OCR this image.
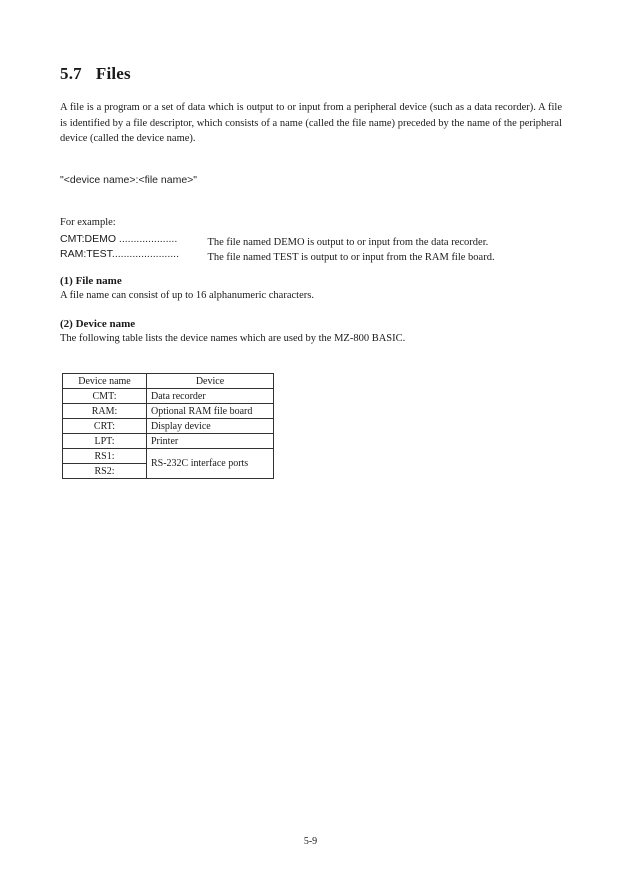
5.7 Files
A file is a program or a set of data which is output to or input from a peripheral device (such as a data recorder). A file is identified by a file descriptor, which consists of a name (called the file name) preceded by the name of the peripheral device (called the device name).
"<device name>:<file name>"
For example:
CMT:DEMO ....................	The file named DEMO is output to or input from the data recorder.
RAM:TEST.......................	The file named TEST is output to or input from the RAM file board.
(1) File name
A file name can consist of up to 16 alphanumeric characters.
(2) Device name
The following table lists the device names which are used by the MZ-800 BASIC.
Device name	Device
CMT:	Data recorder
RAM:	Optional RAM file board
CRT:	Display device
LPT:	Printer
RS1:	RS-232C interface ports
RS2:	
5-9
